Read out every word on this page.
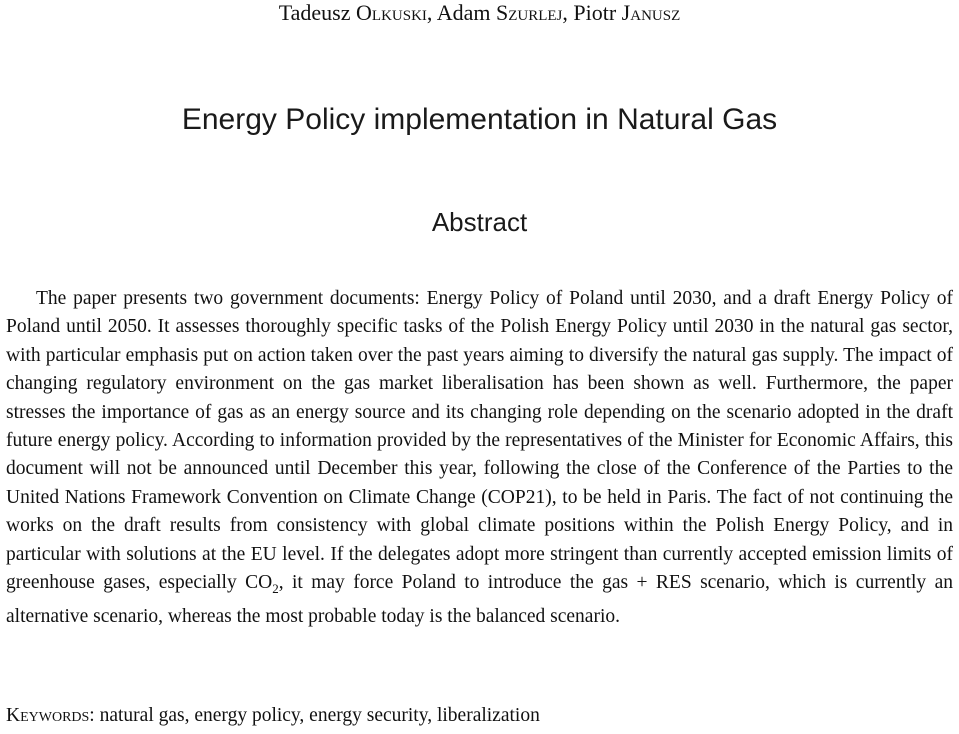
Tadeusz Olkuski, Adam Szurlej, Piotr Janusz
Energy Policy implementation in Natural Gas
Abstract

The paper presents two government documents: Energy Policy of Poland until 2030, and a draft Energy Policy of Poland until 2050. It assesses thoroughly specific tasks of the Polish Energy Policy until 2030 in the natural gas sector, with particular emphasis put on action taken over the past years aiming to diversify the natural gas supply. The impact of changing regulatory environment on the gas market liberalisation has been shown as well. Furthermore, the paper stresses the importance of gas as an energy source and its changing role depending on the scenario adopted in the draft future energy policy. According to information provided by the representatives of the Minister for Economic Affairs, this document will not be announced until December this year, following the close of the Conference of the Parties to the United Nations Framework Convention on Climate Change (COP21), to be held in Paris. The fact of not continuing the works on the draft results from consistency with global climate positions within the Polish Energy Policy, and in particular with solutions at the EU level. If the delegates adopt more stringent than currently accepted emission limits of greenhouse gases, especially $CO_2$, it may force Poland to introduce the gas + RES scenario, which is currently an alternative scenario, whereas the most probable today is the balanced scenario.

Keywords: natural gas, energy policy, energy security, liberalization
